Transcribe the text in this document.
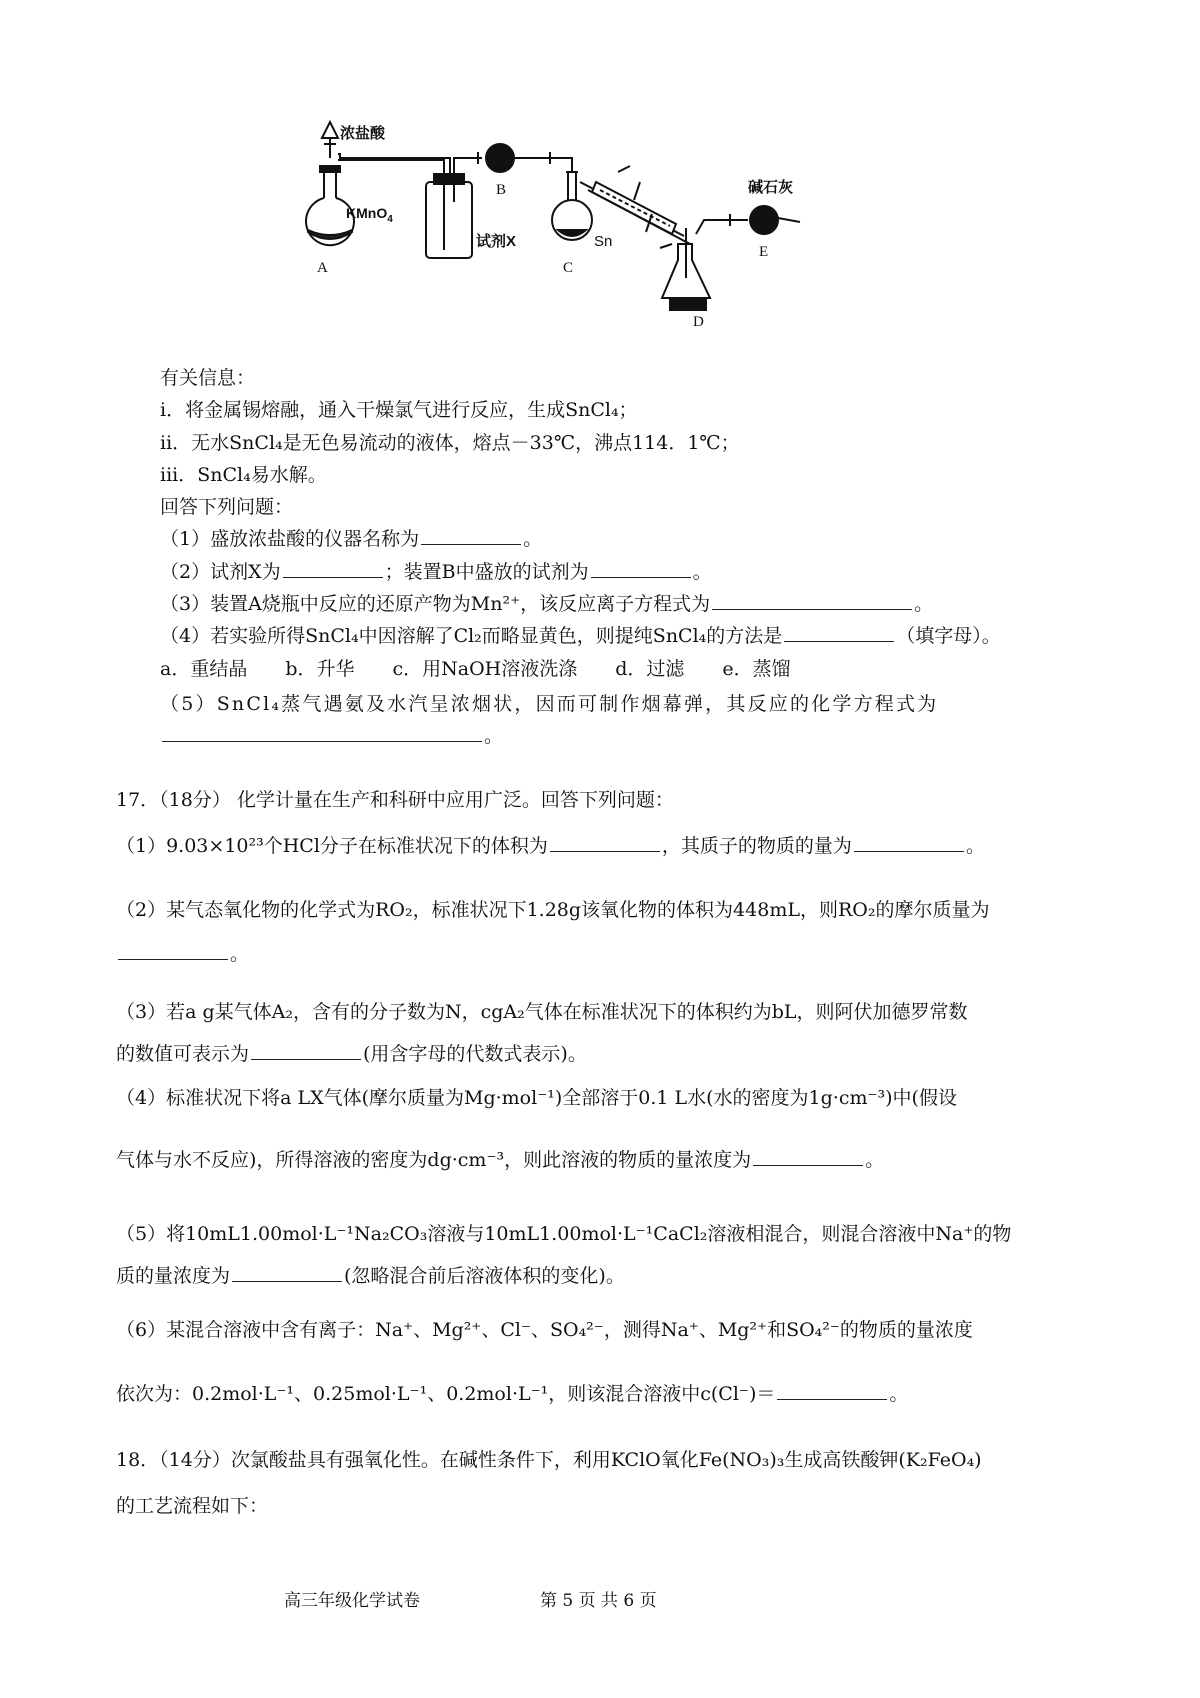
浓盐酸
KMnO$_4$
试剂X	Sn
碱石灰
A
B
C
D
E
有关信息：
i．将金属锡熔融，通入干燥氯气进行反应，生成SnCl₄；
ii．无水SnCl₄是无色易流动的液体，熔点－33℃，沸点114．1℃；
iii．SnCl₄易水解。
回答下列问题：
（1）盛放浓盐酸的仪器名称为	。
（2）试剂X为	；装置B中盛放的试剂为	。
（3）装置A烧瓶中反应的还原产物为Mn²⁺，该反应离子方程式为	。
（4）若实验所得SnCl₄中因溶解了Cl₂而略显黄色，则提纯SnCl₄的方法是	（填字母）。
a．重结晶　　b．升华　　c．用NaOH溶液洗涤　　d．过滤　　e．蒸馏
（5）SnCl₄蒸气遇氨及水汽呈浓烟状，因而可制作烟幕弹，其反应的化学方程式为
。
17．（18分） 化学计量在生产和科研中应用广泛。回答下列问题：
（1）9.03×10²³个HCl分子在标准状况下的体积为	，其质子的物质的量为	。
（2）某气态氧化物的化学式为RO₂，标准状况下1.28g该氧化物的体积为448mL，则RO₂的摩尔质量为
。
（3）若a g某气体A₂，含有的分子数为N，cgA₂气体在标准状况下的体积约为bL，则阿伏加德罗常数
的数值可表示为	(用含字母的代数式表示)。
（4）标准状况下将a LX气体(摩尔质量为Mg·mol⁻¹)全部溶于0.1 L水(水的密度为1g·cm⁻³)中(假设
气体与水不反应)，所得溶液的密度为dg·cm⁻³，则此溶液的物质的量浓度为	。
（5）将10mL1.00mol·L⁻¹Na₂CO₃溶液与10mL1.00mol·L⁻¹CaCl₂溶液相混合，则混合溶液中Na⁺的物
质的量浓度为	(忽略混合前后溶液体积的变化)。
（6）某混合溶液中含有离子：Na⁺、Mg²⁺、Cl⁻、SO₄²⁻，测得Na⁺、Mg²⁺和SO₄²⁻的物质的量浓度
依次为：0.2mol·L⁻¹、0.25mol·L⁻¹、0.2mol·L⁻¹，则该混合溶液中c(Cl⁻)＝	。
18．（14分）次氯酸盐具有强氧化性。在碱性条件下，利用KClO氧化Fe(NO₃)₃生成高铁酸钾(K₂FeO₄)
的工艺流程如下：
高三年级化学试卷	第 5 页 共 6 页
